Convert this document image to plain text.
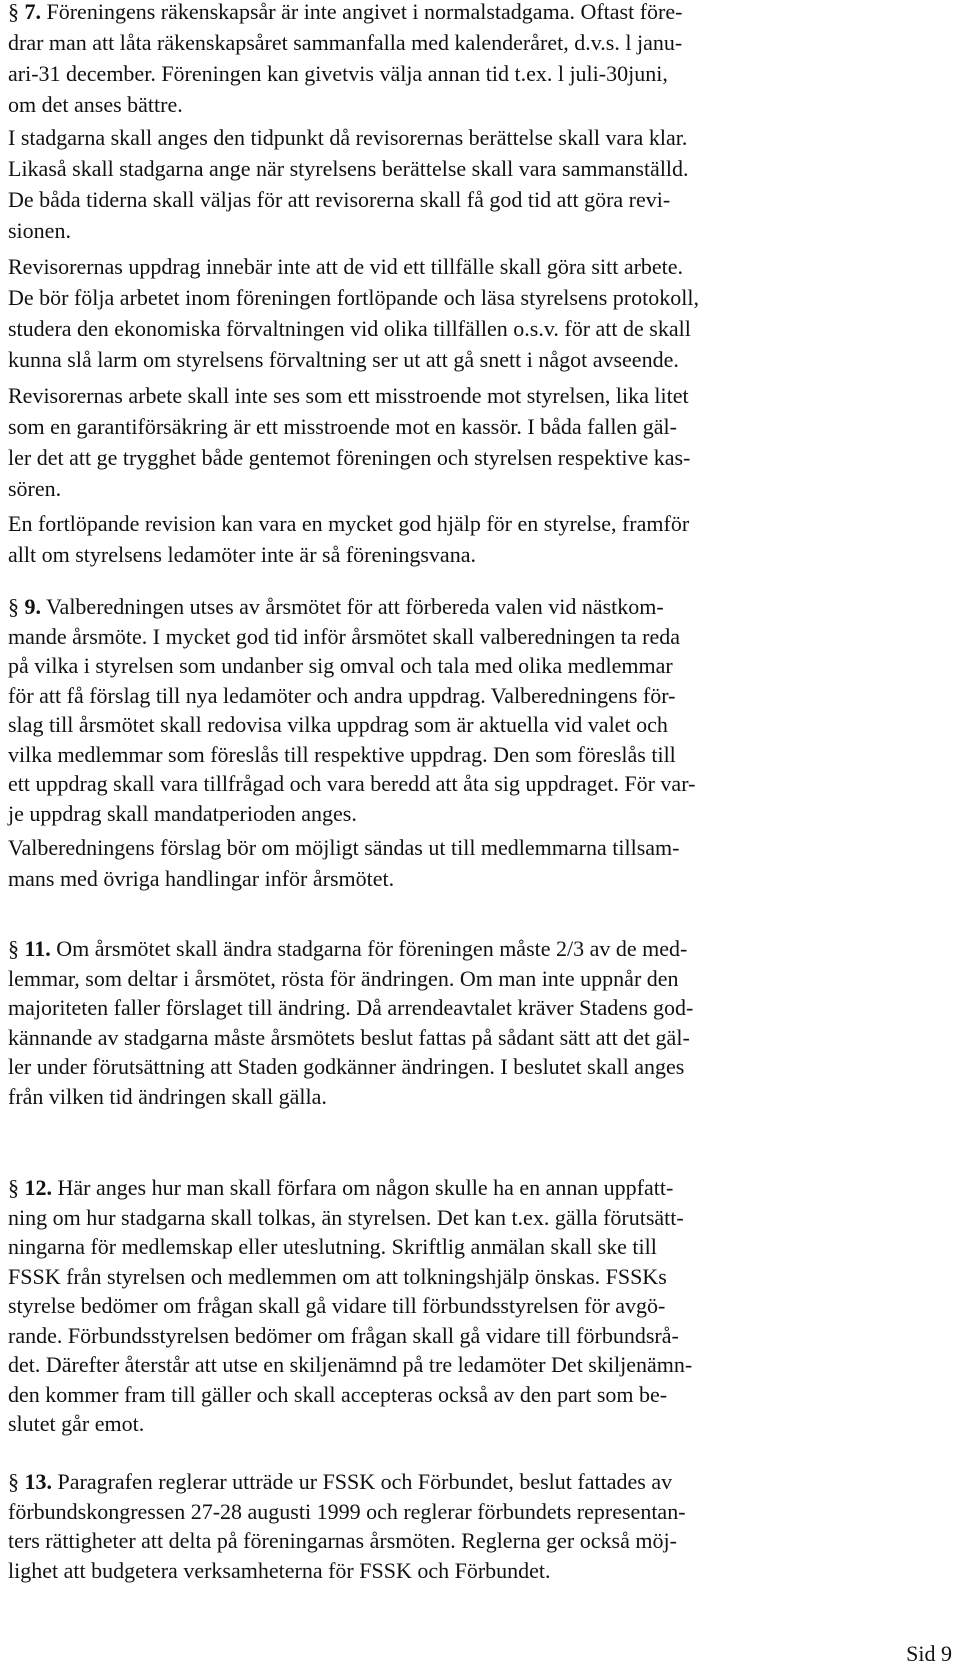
§ 7. Föreningens räkenskapsår är inte angivet i normalstadgama. Oftast före-
drar man att låta räkenskapsåret sammanfalla med kalenderåret, d.v.s. l janu-
ari-31 december. Föreningen kan givetvis välja annan tid t.ex. l juli-30juni,
om det anses bättre.
I stadgarna skall anges den tidpunkt då revisorernas berättelse skall vara klar.
Likaså skall stadgarna ange när styrelsens berättelse skall vara sammanställd.
De båda tiderna skall väljas för att revisorerna skall få god tid att göra revi-
sionen.
Revisorernas uppdrag innebär inte att de vid ett tillfälle skall göra sitt arbete.
De bör följa arbetet inom föreningen fortlöpande och läsa styrelsens protokoll,
studera den ekonomiska förvaltningen vid olika tillfällen o.s.v. för att de skall
kunna slå larm om styrelsens förvaltning ser ut att gå snett i något avseende.
Revisorernas arbete skall inte ses som ett misstroende mot styrelsen, lika litet
som en garantiförsäkring är ett misstroende mot en kassör. I båda fallen gäl-
ler det att ge trygghet både gentemot föreningen och styrelsen respektive kas-
sören.
En fortlöpande revision kan vara en mycket god hjälp för en styrelse, framför
allt om styrelsens ledamöter inte är så föreningsvana.
§ 9. Valberedningen utses av årsmötet för att förbereda valen vid nästkom-
mande årsmöte. I mycket god tid inför årsmötet skall valberedningen ta reda
på vilka i styrelsen som undanber sig omval och tala med olika medlemmar
för att få förslag till nya ledamöter och andra uppdrag. Valberedningens för-
slag till årsmötet skall redovisa vilka uppdrag som är aktuella vid valet och
vilka medlemmar som föreslås till respektive uppdrag. Den som föreslås till
ett uppdrag skall vara tillfrågad och vara beredd att åta sig uppdraget. För var-
je uppdrag skall mandatperioden anges.
Valberedningens förslag bör om möjligt sändas ut till medlemmarna tillsam-
mans med övriga handlingar inför årsmötet.
§ 11. Om årsmötet skall ändra stadgarna för föreningen måste 2/3 av de med-
lemmar, som deltar i årsmötet, rösta för ändringen. Om man inte uppnår den
majoriteten faller förslaget till ändring. Då arrendeavtalet kräver Stadens god-
kännande av stadgarna måste årsmötets beslut fattas på sådant sätt att det gäl-
ler under förutsättning att Staden godkänner ändringen. I beslutet skall anges
från vilken tid ändringen skall gälla.
§ 12. Här anges hur man skall förfara om någon skulle ha en annan uppfatt-
ning om hur stadgarna skall tolkas, än styrelsen. Det kan t.ex. gälla förutsätt-
ningarna för medlemskap eller uteslutning. Skriftlig anmälan skall ske till
FSSK från styrelsen och medlemmen om att tolkningshjälp önskas. FSSKs
styrelse bedömer om frågan skall gå vidare till förbundsstyrelsen för avgö-
rande. Förbundsstyrelsen bedömer om frågan skall gå vidare till förbundsrå-
det. Därefter återstår att utse en skiljenämnd på tre ledamöter Det skiljenämn-
den kommer fram till gäller och skall accepteras också av den part som be-
slutet går emot.
§ 13. Paragrafen reglerar utträde ur FSSK och Förbundet, beslut fattades av
förbundskongressen 27-28 augusti 1999 och reglerar förbundets representan-
ters rättigheter att delta på föreningarnas årsmöten. Reglerna ger också möj-
lighet att budgetera verksamheterna för FSSK och Förbundet.
Sid 9
